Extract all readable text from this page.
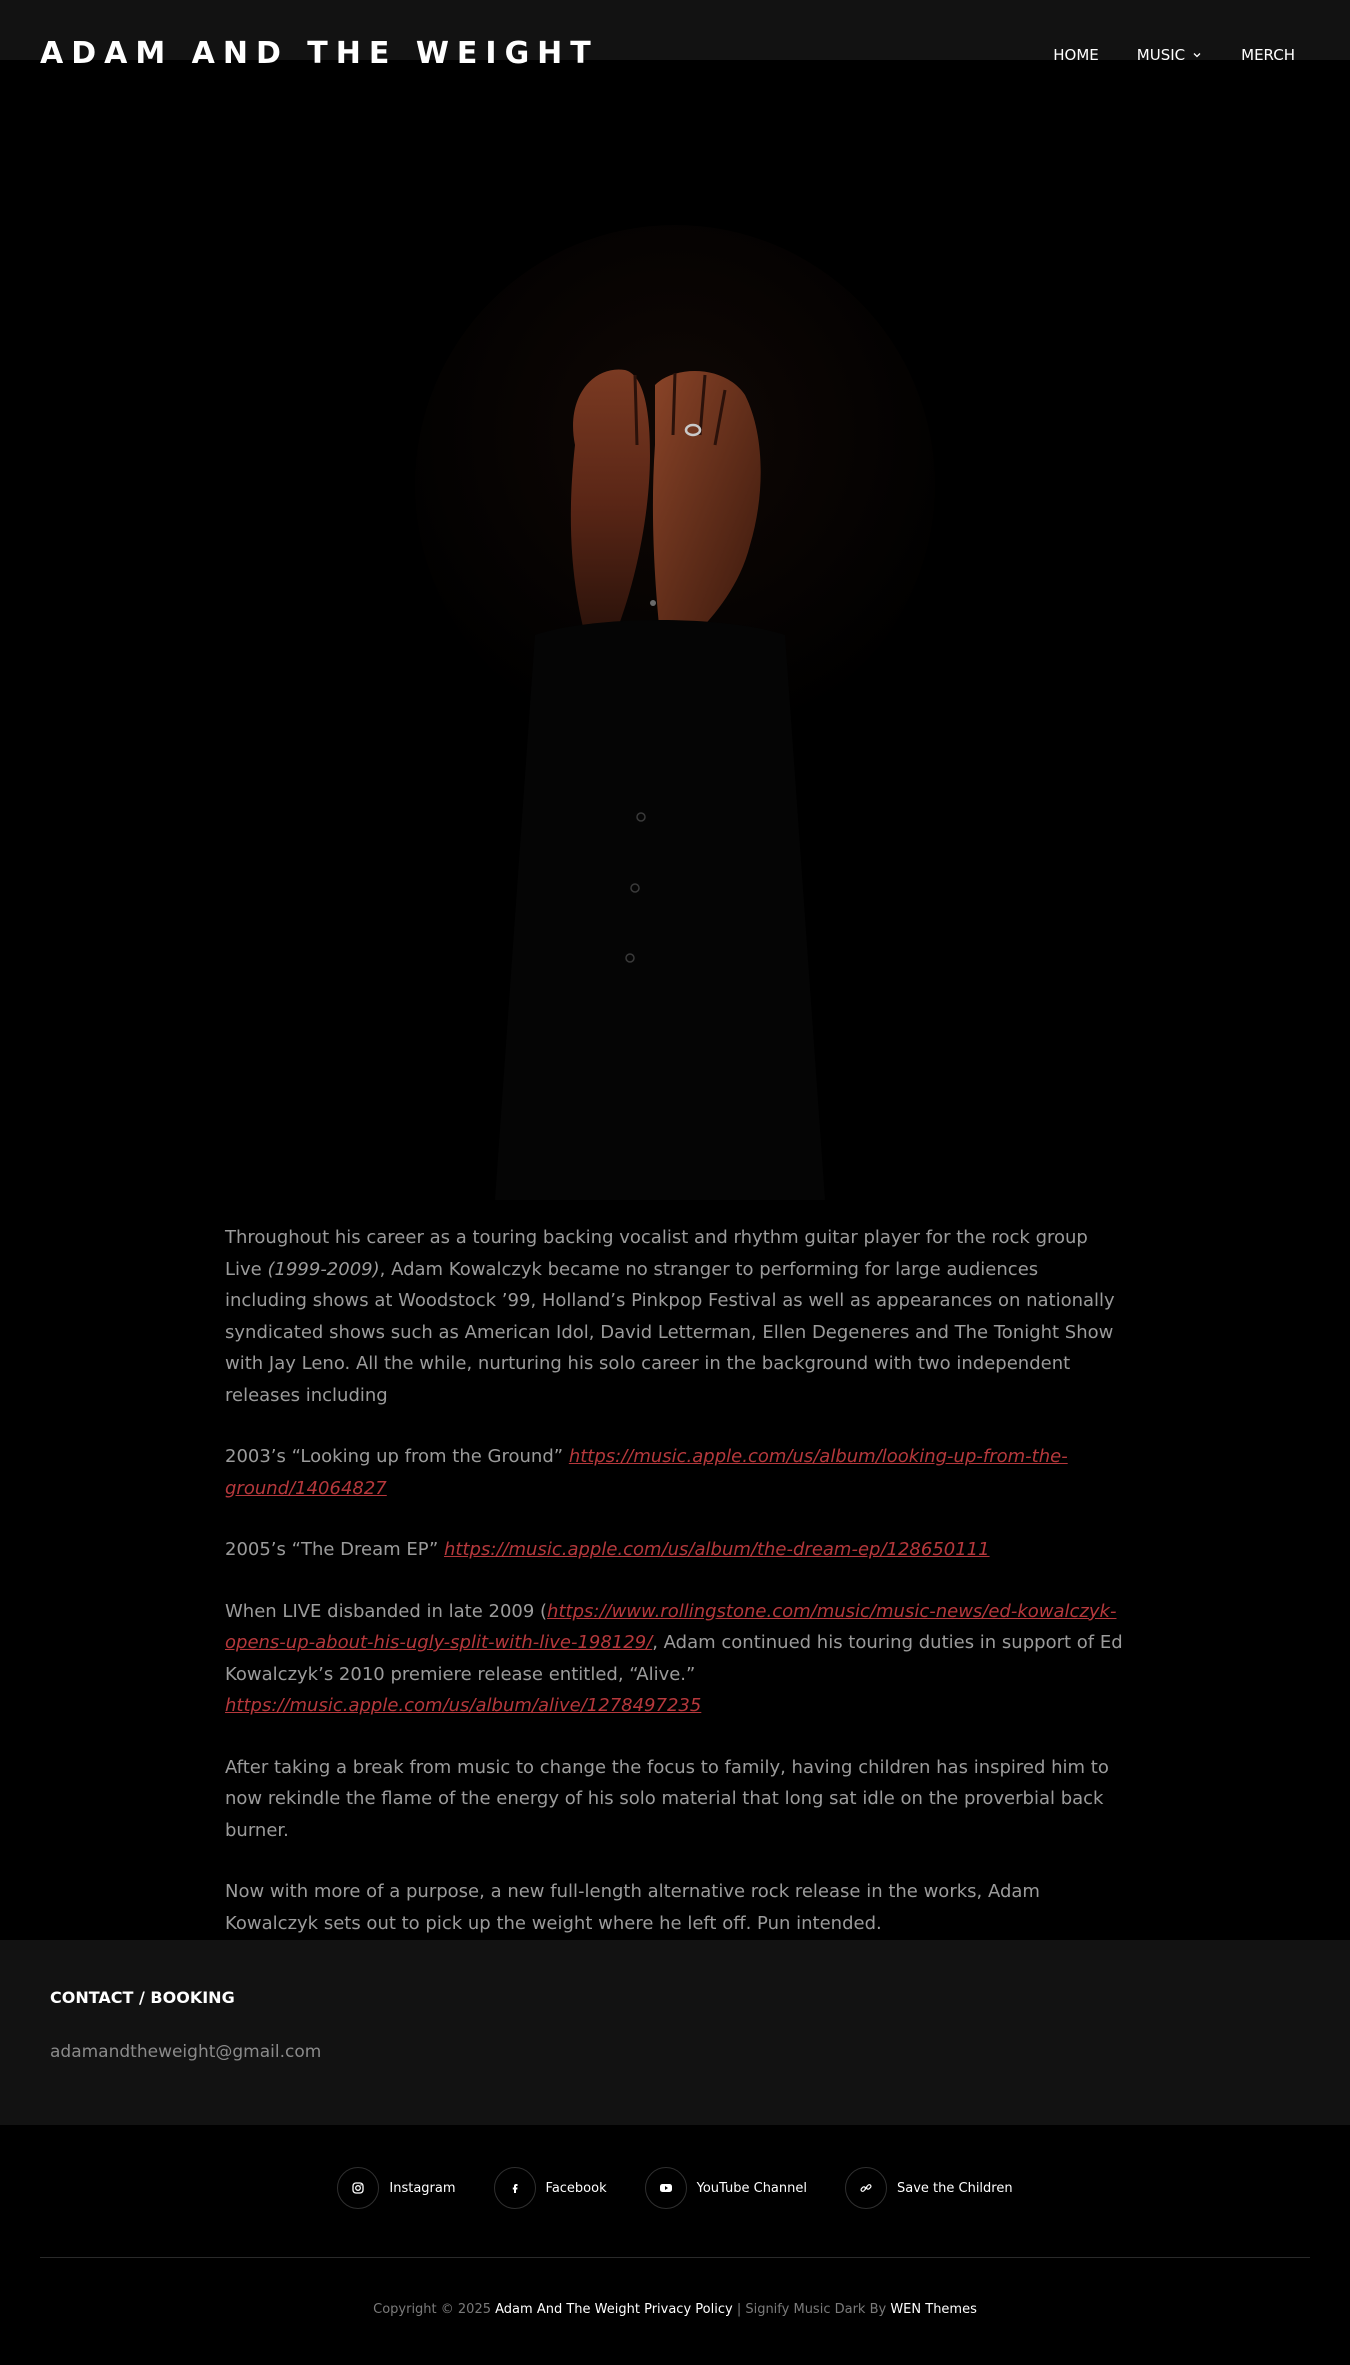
ADAM AND THE WEIGHT	HOME	MUSIC	MERCH

Throughout his career as a touring backing vocalist and rhythm guitar player for the rock group Live (1999-2009), Adam Kowalczyk became no stranger to performing for large audiences including shows at Woodstock ’99, Holland’s Pinkpop Festival as well as appearances on nationally syndicated shows such as American Idol, David Letterman, Ellen Degeneres and The Tonight Show with Jay Leno. All the while, nurturing his solo career in the background with two independent releases including

2003’s “Looking up from the Ground” https://music.apple.com/us/album/looking-up-from-the-ground/14064827

2005’s “The Dream EP” https://music.apple.com/us/album/the-dream-ep/128650111

When LIVE disbanded in late 2009 (https://www.rollingstone.com/music/music-news/ed-kowalczyk-opens-up-about-his-ugly-split-with-live-198129/, Adam continued his touring duties in support of Ed Kowalczyk’s 2010 premiere release entitled, “Alive.” https://music.apple.com/us/album/alive/1278497235

After taking a break from music to change the focus to family, having children has inspired him to now rekindle the flame of the energy of his solo material that long sat idle on the proverbial back burner.

Now with more of a purpose, a new full-length alternative rock release in the works, Adam Kowalczyk sets out to pick up the weight where he left off. Pun intended.

CONTACT / BOOKING
adamandtheweight@gmail.com
Instagram	Facebook	YouTube Channel	Save the Children
Copyright © 2025 Adam And The Weight Privacy Policy | Signify Music Dark By WEN Themes
